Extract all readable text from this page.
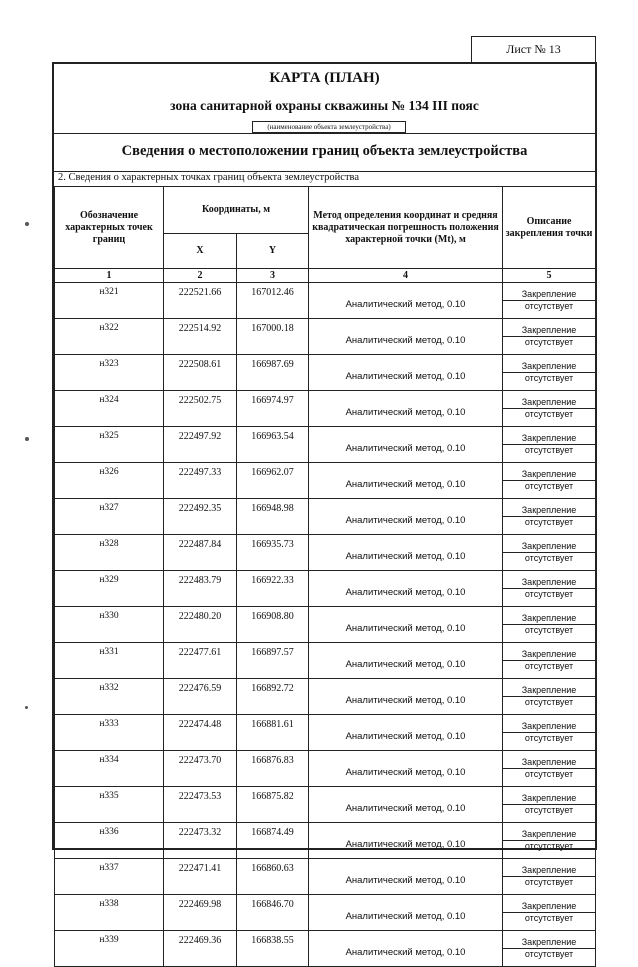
Лист № 13
КАРТА (ПЛАН)
зона санитарной охраны скважины № 134 III пояс
(наименование объекта землеустройства)
Сведения о местоположении границ объекта землеустройства
2. Сведения о характерных точках границ объекта землеустройства
Обозначение характерных точек границ	Координаты, м		Метод определения координат и средняя квадратическая погрешность положения характерной точки (Mt), м	Описание закрепления точки
	X	Y		
1	2	3	4	5
н321	222521.66	167012.46	Аналитический метод, 0.10	Закрепление
отсутствует

н322	222514.92	167000.18	Аналитический метод, 0.10	Закрепление
отсутствует

н323	222508.61	166987.69	Аналитический метод, 0.10	Закрепление
отсутствует

н324	222502.75	166974.97	Аналитический метод, 0.10	Закрепление
отсутствует

н325	222497.92	166963.54	Аналитический метод, 0.10	Закрепление
отсутствует

н326	222497.33	166962.07	Аналитический метод, 0.10	Закрепление
отсутствует

н327	222492.35	166948.98	Аналитический метод, 0.10	Закрепление
отсутствует

н328	222487.84	166935.73	Аналитический метод, 0.10	Закрепление
отсутствует

н329	222483.79	166922.33	Аналитический метод, 0.10	Закрепление
отсутствует

н330	222480.20	166908.80	Аналитический метод, 0.10	Закрепление
отсутствует

н331	222477.61	166897.57	Аналитический метод, 0.10	Закрепление
отсутствует

н332	222476.59	166892.72	Аналитический метод, 0.10	Закрепление
отсутствует

н333	222474.48	166881.61	Аналитический метод, 0.10	Закрепление
отсутствует

н334	222473.70	166876.83	Аналитический метод, 0.10	Закрепление
отсутствует

н335	222473.53	166875.82	Аналитический метод, 0.10	Закрепление
отсутствует

н336	222473.32	166874.49	Аналитический метод, 0.10	Закрепление
отсутствует

н337	222471.41	166860.63	Аналитический метод, 0.10	Закрепление
отсутствует

н338	222469.98	166846.70	Аналитический метод, 0.10	Закрепление
отсутствует

н339	222469.36	166838.55	Аналитический метод, 0.10	Закрепление
отсутствует
